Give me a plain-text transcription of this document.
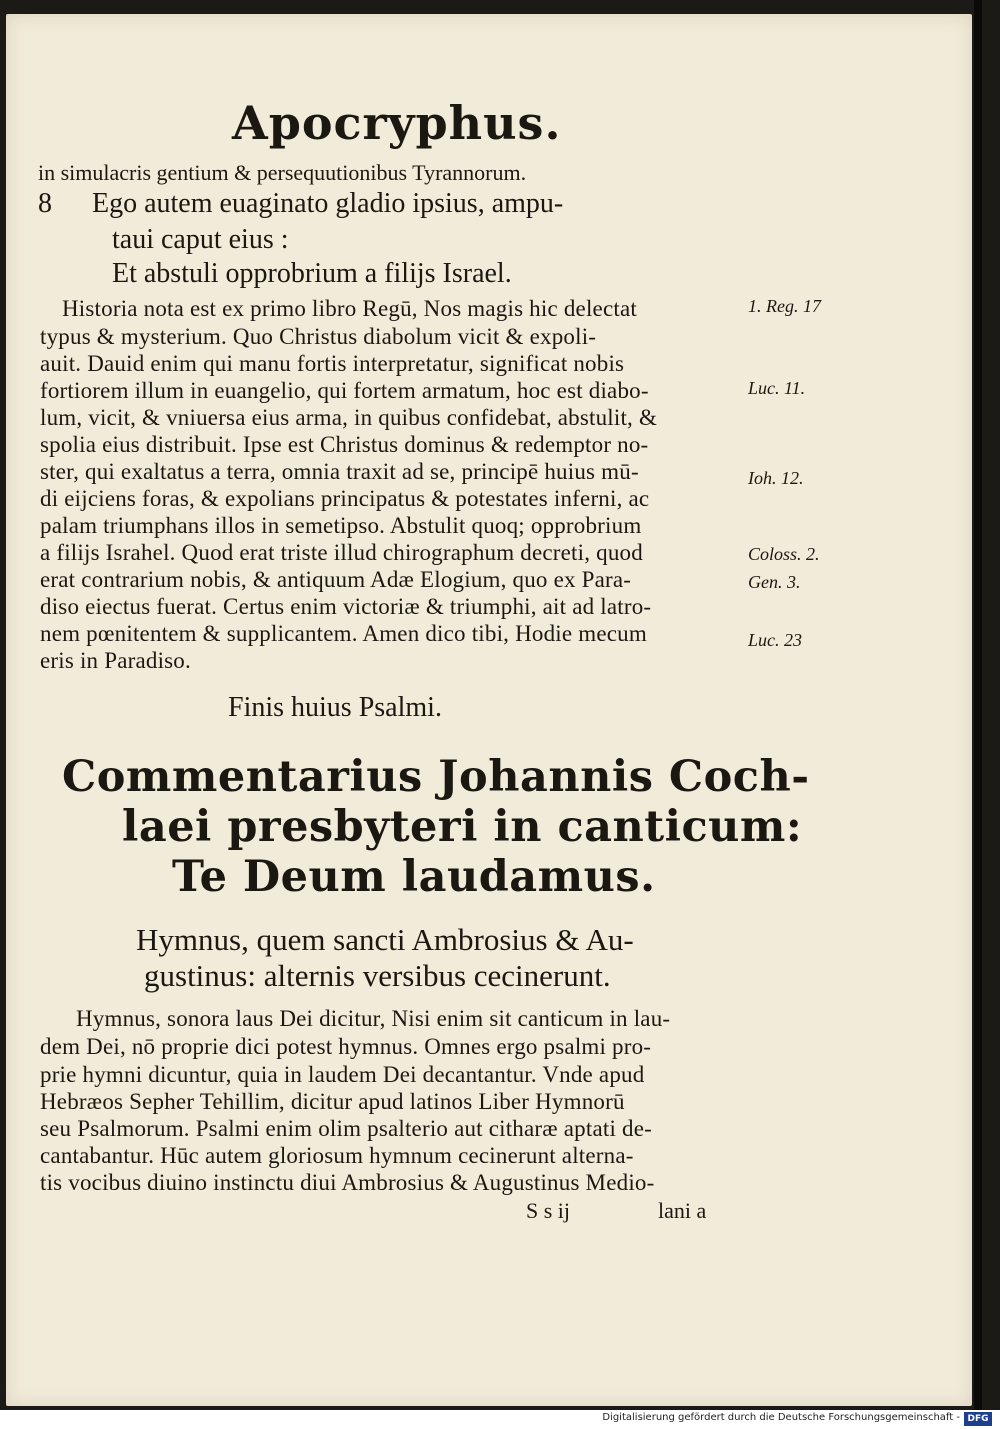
Apocryphus.
in simulacris gentium & persequutionibus Tyrannorum.
8 Ego autem euaginato gladio ipsius, ampu-
taui caput eius :
Et abstuli opprobrium a filijs Israel.
Historia nota est ex primo libro Regū, Nos magis hic delectat
typus & mysterium. Quo Christus diabolum vicit & expoli-
auit. Dauid enim qui manu fortis interpretatur, significat nobis
fortiorem illum in euangelio, qui fortem armatum, hoc est diabo-
lum, vicit, & vniuersa eius arma, in quibus confidebat, abstulit, &
spolia eius distribuit. Ipse est Christus dominus & redemptor no-
ster, qui exaltatus a terra, omnia traxit ad se, principē huius mū-
di eijciens foras, & expolians principatus & potestates inferni, ac
palam triumphans illos in semetipso. Abstulit quoq; opprobrium
a filijs Israhel. Quod erat triste illud chirographum decreti, quod
erat contrarium nobis, & antiquum Adæ Elogium, quo ex Para-
diso eiectus fuerat. Certus enim victoriæ & triumphi, ait ad latro-
nem pœnitentem & supplicantem. Amen dico tibi, Hodie mecum
eris in Paradiso.
1. Reg. 17
Luc. 11.
Ioh. 12.
Coloss. 2.
Gen. 3.
Luc. 23
Finis huius Psalmi.
Commentarius Johannis Coch-
laei presbyteri in canticum:
Te Deum laudamus.
Hymnus, quem sancti Ambrosius & Au-
gustinus: alternis versibus cecinerunt.
Hymnus, sonora laus Dei dicitur, Nisi enim sit canticum in lau-
dem Dei, nō proprie dici potest hymnus. Omnes ergo psalmi pro-
prie hymni dicuntur, quia in laudem Dei decantantur. Vnde apud
Hebræos Sepher Tehillim, dicitur apud latinos Liber Hymnorū
seu Psalmorum. Psalmi enim olim psalterio aut citharæ aptati de-
cantabantur. Hūc autem gloriosum hymnum cecinerunt alterna-
tis vocibus diuino instinctu diui Ambrosius & Augustinus Medio-
S s ij	lani a
Digitalisierung gefördert durch die Deutsche Forschungsgemeinschaft - DFG
